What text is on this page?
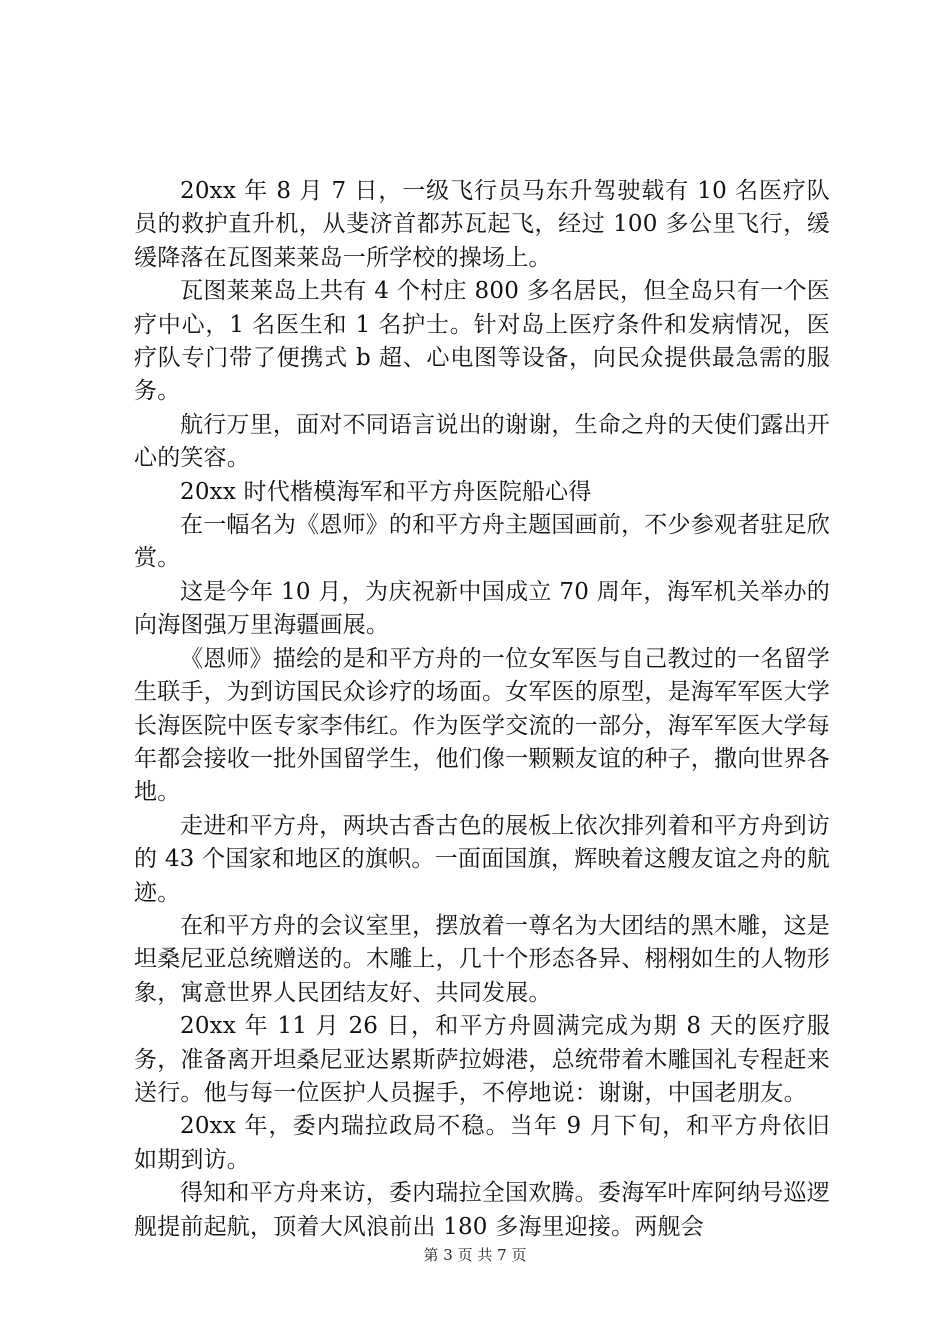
20xx 年 8 月 7 日，一级飞行员马东升驾驶载有 10 名医疗队员的救护直升机，从斐济首都苏瓦起飞，经过 100 多公里飞行，缓缓降落在瓦图莱莱岛一所学校的操场上。

瓦图莱莱岛上共有 4 个村庄 800 多名居民，但全岛只有一个医疗中心，1 名医生和 1 名护士。针对岛上医疗条件和发病情况，医疗队专门带了便携式 b 超、心电图等设备，向民众提供最急需的服务。

航行万里，面对不同语言说出的谢谢，生命之舟的天使们露出开心的笑容。

20xx 时代楷模海军和平方舟医院船心得

在一幅名为《恩师》的和平方舟主题国画前，不少参观者驻足欣赏。

这是今年 10 月，为庆祝新中国成立 70 周年，海军机关举办的向海图强万里海疆画展。

《恩师》描绘的是和平方舟的一位女军医与自己教过的一名留学生联手，为到访国民众诊疗的场面。女军医的原型，是海军军医大学长海医院中医专家李伟红。作为医学交流的一部分，海军军医大学每年都会接收一批外国留学生，他们像一颗颗友谊的种子，撒向世界各地。

走进和平方舟，两块古香古色的展板上依次排列着和平方舟到访的 43 个国家和地区的旗帜。一面面国旗，辉映着这艘友谊之舟的航迹。

在和平方舟的会议室里，摆放着一尊名为大团结的黑木雕，这是坦桑尼亚总统赠送的。木雕上，几十个形态各异、栩栩如生的人物形象，寓意世界人民团结友好、共同发展。

20xx 年 11 月 26 日，和平方舟圆满完成为期 8 天的医疗服务，准备离开坦桑尼亚达累斯萨拉姆港，总统带着木雕国礼专程赶来送行。他与每一位医护人员握手，不停地说：谢谢，中国老朋友。

20xx 年，委内瑞拉政局不稳。当年 9 月下旬，和平方舟依旧如期到访。

得知和平方舟来访，委内瑞拉全国欢腾。委海军叶库阿纳号巡逻舰提前起航，顶着大风浪前出 180 多海里迎接。两舰会

第 3 页 共 7 页
